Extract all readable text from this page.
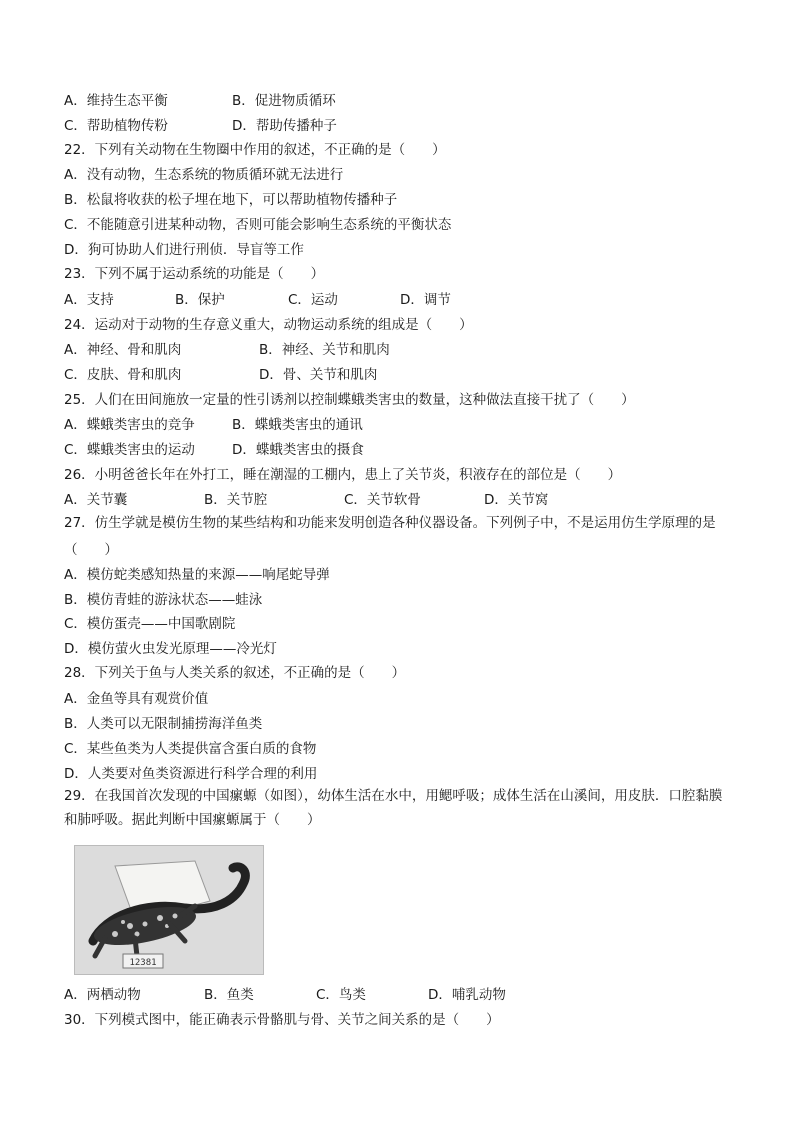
A．维持生态平衡	B．促进物质循环
C．帮助植物传粉	D．帮助传播种子
22．下列有关动物在生物圈中作用的叙述，不正确的是（　　）
A．没有动物，生态系统的物质循环就无法进行
B．松鼠将收获的松子埋在地下，可以帮助植物传播种子
C．不能随意引进某种动物，否则可能会影响生态系统的平衡状态
D．狗可协助人们进行刑侦．导盲等工作
23．下列不属于运动系统的功能是（　　）
A．支持	B．保护	C．运动	D．调节
24．运动对于动物的生存意义重大，动物运动系统的组成是（　　）
A．神经、骨和肌肉	B．神经、关节和肌肉
C．皮肤、骨和肌肉	D．骨、关节和肌肉
25．人们在田间施放一定量的性引诱剂以控制蝶蛾类害虫的数量，这种做法直接干扰了（　　）
A．蝶蛾类害虫的竞争	B．蝶蛾类害虫的通讯
C．蝶蛾类害虫的运动	D．蝶蛾类害虫的摄食
26．小明爸爸长年在外打工，睡在潮湿的工棚内，患上了关节炎，积液存在的部位是（　　）
A．关节囊	B．关节腔	C．关节软骨	D．关节窝
27．仿生学就是模仿生物的某些结构和功能来发明创造各种仪器设备。下列例子中，不是运用仿生学原理的是
（　　）
A．模仿蛇类感知热量的来源——响尾蛇导弹
B．模仿青蛙的游泳状态——蛙泳
C．模仿蛋壳——中国歌剧院
D．模仿萤火虫发光原理——冷光灯
28．下列关于鱼与人类关系的叙述，不正确的是（　　）
A．金鱼等具有观赏价值
B．人类可以无限制捕捞海洋鱼类
C．某些鱼类为人类提供富含蛋白质的食物
D．人类要对鱼类资源进行科学合理的利用
29．在我国首次发现的中国瘰螈（如图），幼体生活在水中，用鳃呼吸；成体生活在山溪间，用皮肤．口腔黏膜和肺呼吸。据此判断中国瘰螈属于（　　）
A．两栖动物	B．鱼类	C．鸟类	D．哺乳动物
30．下列模式图中，能正确表示骨骼肌与骨、关节之间关系的是（　　）
12381
